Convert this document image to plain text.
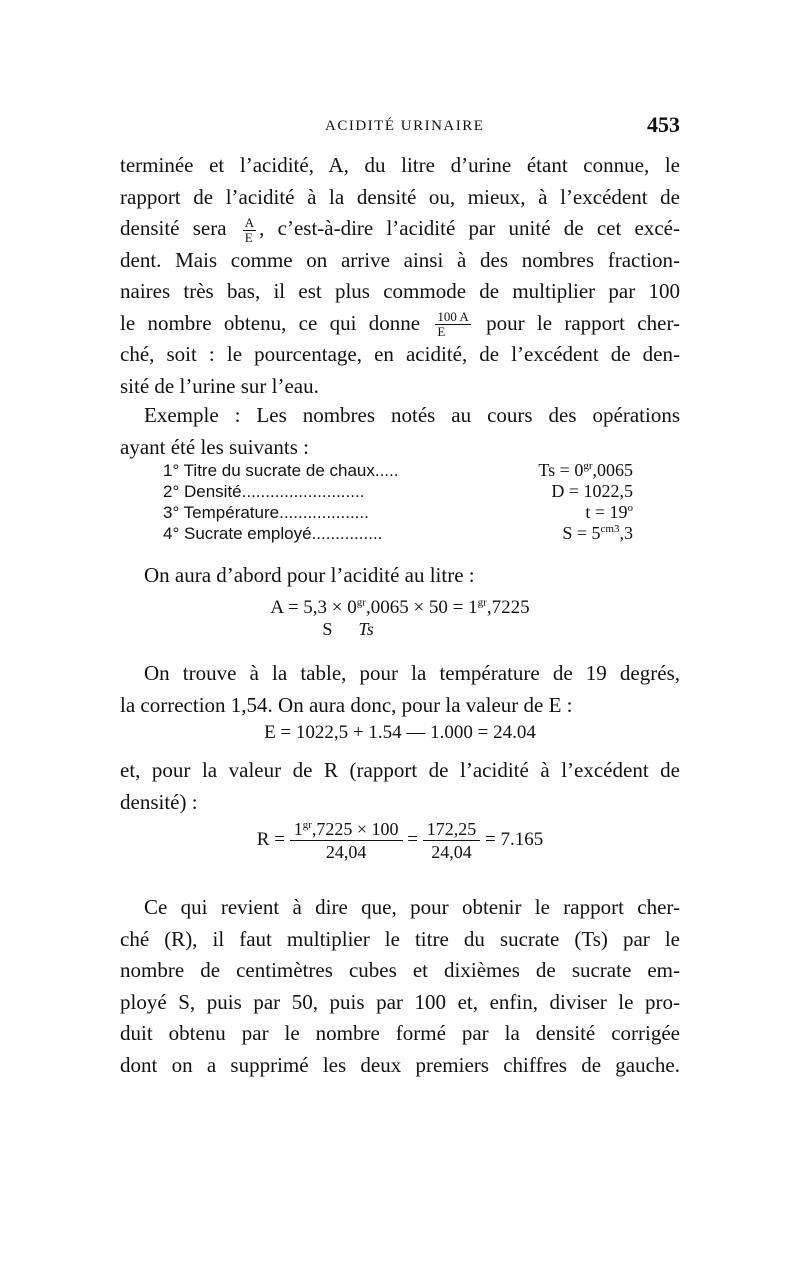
ACIDITÉ URINAIRE	453
terminée et l’acidité, A, du litre d’urine étant connue, le
rapport de l’acidité à la densité ou, mieux, à l’excédent de
densité sera $\frac{A}{E}$ , c’est-à-dire l’acidité par unité de cet excé-
dent. Mais comme on arrive ainsi à des nombres fraction-
naires très bas, il est plus commode de multiplier par 100
le nombre obtenu, ce qui donne $\frac{100 A}{E}$ pour le rapport cher-
ché, soit : le pourcentage, en acidité, de l’excédent de den-
sité de l’urine sur l’eau.
Exemple : Les nombres notés au cours des opérations
ayant été les suivants :
1° Titre du sucrate de chaux.....	$Ts = 0^{gr},0065$
2° Densité..........................	D = 1022,5
3° Température...................	$t = 19^o$
4° Sucrate employé...............	$S = 5^{cm3},3$
On aura d’abord pour l’acidité au litre :
$A = 5,3 \times 0^{gr},0065 \times 50 = 1^{gr},7225$
S Ts
On trouve à la table, pour la température de 19 degrés,
la correction 1,54. On aura donc, pour la valeur de E :
E = 1022,5 + 1.54 — 1.000 = 24.04
et, pour la valeur de R (rapport de l’acidité à l’excédent de
densité) :
$R = \frac{1^{gr},7225 \times 100}{24,04} = \frac{172,25}{24,04} = 7.165$
Ce qui revient à dire que, pour obtenir le rapport cher-
ché (R), il faut multiplier le titre du sucrate (Ts) par le
nombre de centimètres cubes et dixièmes de sucrate em-
ployé S, puis par 50, puis par 100 et, enfin, diviser le pro-
duit obtenu par le nombre formé par la densité corrigée
dont on a supprimé les deux premiers chiffres de gauche.
